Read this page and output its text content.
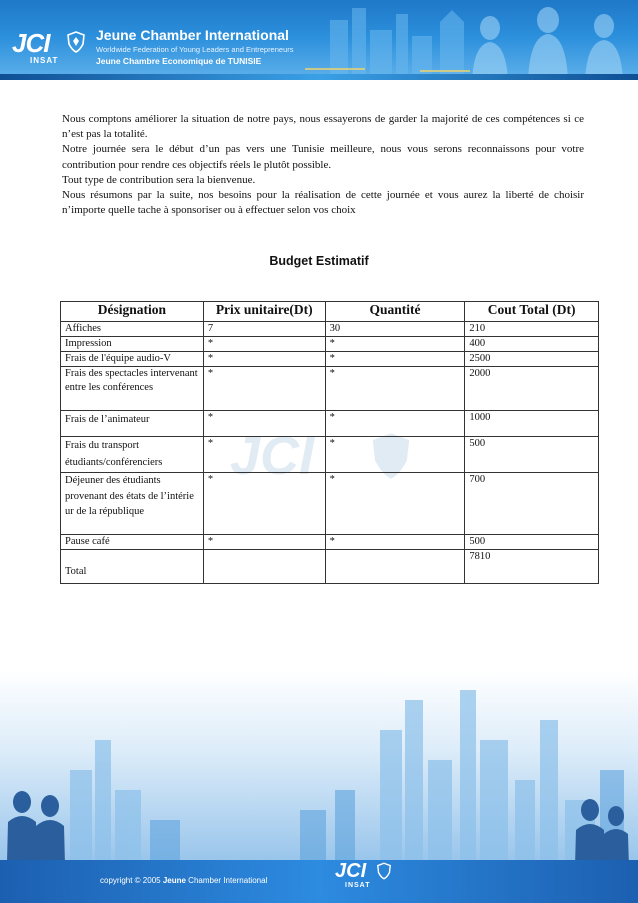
JCI
INSAT
Jeune Chamber International
Worldwide Federation of Young Leaders and Entrepreneurs
Jeune Chambre Economique de TUNISIE
JCI

Nous comptons améliorer la situation de notre pays, nous essayerons de garder la majorité de ces compétences si ce n’est pas la totalité.

Notre journée sera le début d’un pas vers une Tunisie meilleure, nous vous serons reconnaissons pour votre contribution pour rendre ces objectifs réels le plutôt possible.

Tout type de contribution sera la bienvenue.

Nous résumons par la suite, nos besoins pour la réalisation de cette journée et vous aurez la liberté de choisir n’importe quelle tache à sponsoriser ou à effectuer selon vos choix

Budget Estimatif
Désignation	Prix unitaire(Dt)	Quantité	Cout Total (Dt)
Affiches	7	30	210
Impression	*	*	400
Frais de l'équipe audio-V	*	*	2500
Frais des spectacles intervenant entre les conférences	*	*	2000
Frais de l’animateur	*	*	1000
Frais du transport étudiants/conférenciers	*	*	500
Déjeuner des étudiants provenant des états de l’intérie ur de la république	*	*	700
Pause café	*	*	500
Total			7810
copyright © 2005 Jeune Chamber International	JCI
INSAT
